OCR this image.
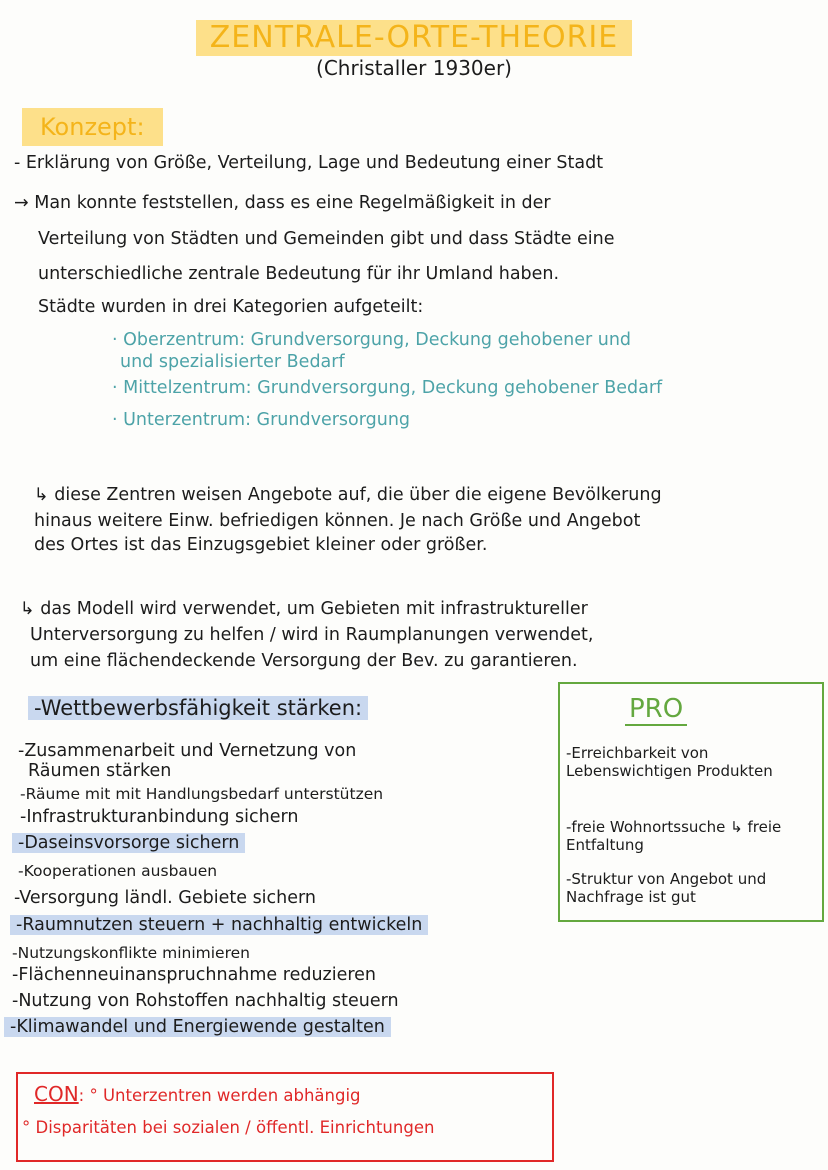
ZENTRALE-ORTE-THEORIE
(Christaller 1930er)
Konzept:
- Erklärung von Größe, Verteilung, Lage und Bedeutung einer Stadt
→ Man konnte feststellen, dass es eine Regelmäßigkeit in der
Verteilung von Städten und Gemeinden gibt und dass Städte eine
unterschiedliche zentrale Bedeutung für ihr Umland haben.
Städte wurden in drei Kategorien aufgeteilt:
· Oberzentrum: Grundversorgung, Deckung gehobener und
und spezialisierter Bedarf
· Mittelzentrum: Grundversorgung, Deckung gehobener Bedarf
· Unterzentrum: Grundversorgung
↳ diese Zentren weisen Angebote auf, die über die eigene Bevölkerung
hinaus weitere Einw. befriedigen können. Je nach Größe und Angebot
des Ortes ist das Einzugsgebiet kleiner oder größer.
↳ das Modell wird verwendet, um Gebieten mit infrastruktureller
Unterversorgung zu helfen / wird in Raumplanungen verwendet,
um eine flächendeckende Versorgung der Bev. zu garantieren.
-Wettbewerbsfähigkeit stärken:
-Zusammenarbeit und Vernetzung von
Räumen stärken
-Räume mit mit Handlungsbedarf unterstützen
-Infrastrukturanbindung sichern
-Daseinsvorsorge sichern
-Kooperationen ausbauen
-Versorgung ländl. Gebiete sichern
-Raumnutzen steuern + nachhaltig entwickeln
-Nutzungskonflikte minimieren
-Flächenneuinanspruchnahme reduzieren
-Nutzung von Rohstoffen nachhaltig steuern
-Klimawandel und Energiewende gestalten
PRO
-Erreichbarkeit von Lebenswichtigen Produkten
-freie Wohnortssuche ↳ freie Entfaltung
-Struktur von Angebot und Nachfrage ist gut
CON: ° Unterzentren werden abhängig
° Disparitäten bei sozialen / öffentl. Einrichtungen
